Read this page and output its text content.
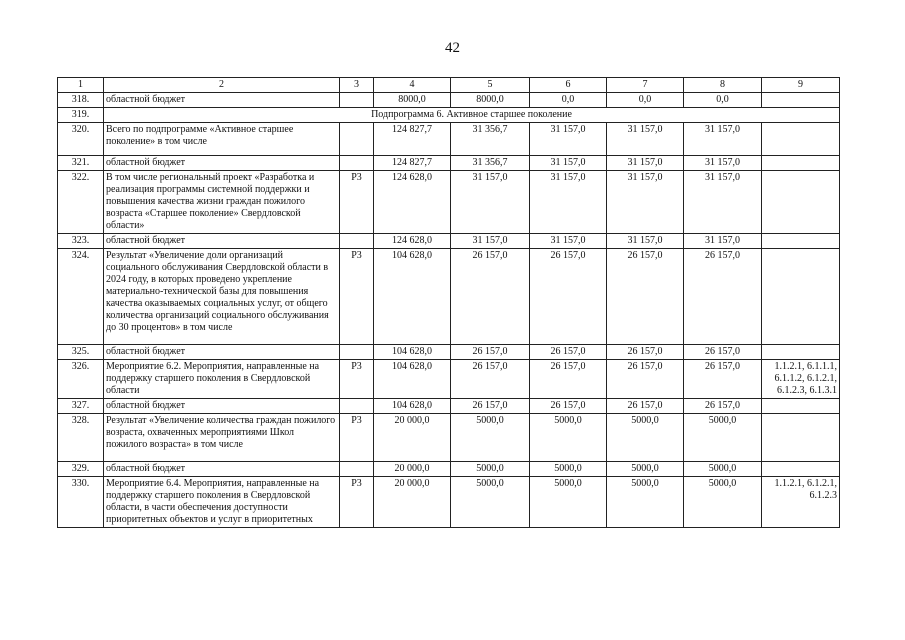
42
1	2	3	4	5	6	7	8	9
318.	областной бюджет		8000,0	8000,0	0,0	0,0	0,0	
319.	Подпрограмма 6. Активное старшее поколение							
320.	Всего по подпрограмме «Активное старшее поколение» в том числе		124 827,7	31 356,7	31 157,0	31 157,0	31 157,0	
321.	областной бюджет		124 827,7	31 356,7	31 157,0	31 157,0	31 157,0	
322.	В том числе региональный проект «Разработка и реализация программы системной поддержки и повышения качества жизни граждан пожилого возраста «Старшее поколение» Свердловской области»	Р3	124 628,0	31 157,0	31 157,0	31 157,0	31 157,0	
323.	областной бюджет		124 628,0	31 157,0	31 157,0	31 157,0	31 157,0	
324.	Результат «Увеличение доли организаций социального обслуживания Свердловской области в 2024 году, в которых проведено укрепление материально-технической базы для повышения качества оказываемых социальных услуг, от общего количества организаций социального обслуживания до 30 процентов» в том числе	Р3	104 628,0	26 157,0	26 157,0	26 157,0	26 157,0	
325.	областной бюджет		104 628,0	26 157,0	26 157,0	26 157,0	26 157,0	
326.	Мероприятие 6.2. Мероприятия, направленные на поддержку старшего поколения в Свердловской области	Р3	104 628,0	26 157,0	26 157,0	26 157,0	26 157,0	1.1.2.1, 6.1.1.1, 6.1.1.2, 6.1.2.1, 6.1.2.3, 6.1.3.1
327.	областной бюджет		104 628,0	26 157,0	26 157,0	26 157,0	26 157,0	
328.	Результат «Увеличение количества граждан пожилого возраста, охваченных мероприятиями Школ пожилого возраста» в том числе	Р3	20 000,0	5000,0	5000,0	5000,0	5000,0	
329.	областной бюджет		20 000,0	5000,0	5000,0	5000,0	5000,0	
330.	Мероприятие 6.4. Мероприятия, направленные на поддержку старшего поколения в Свердловской области, в части обеспечения доступности приоритетных объектов и услуг в приоритетных	Р3	20 000,0	5000,0	5000,0	5000,0	5000,0	1.1.2.1, 6.1.2.1, 6.1.2.3
